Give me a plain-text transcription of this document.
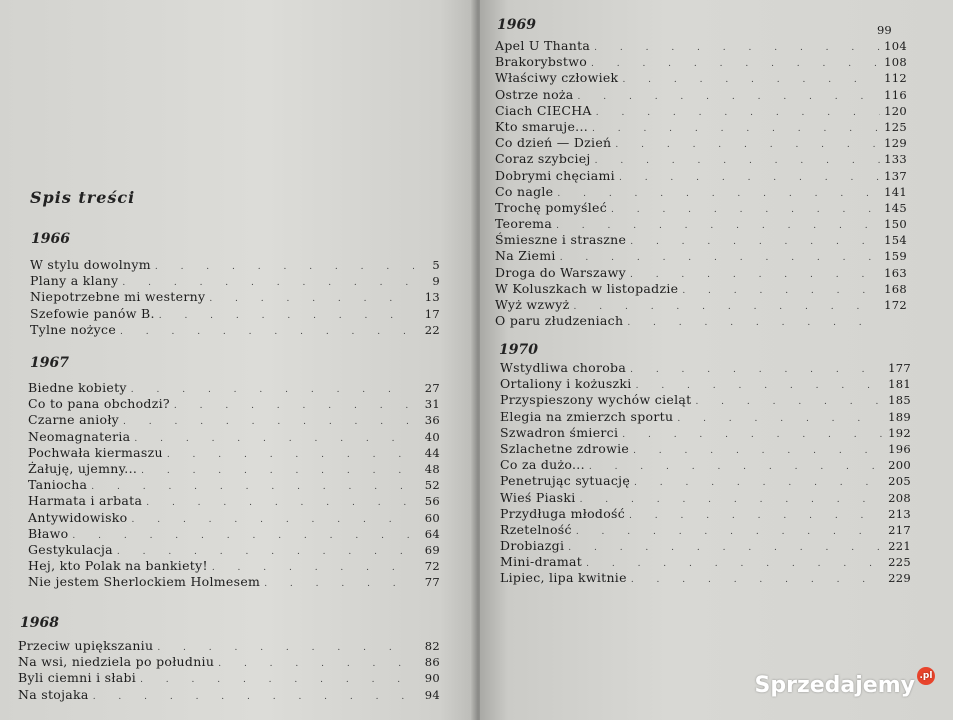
Spis treści
1966
W stylu dowolnym . . .	5
Plany a klany . . .	9
Niepotrzebne mi westerny . . .	13
Szefowie panów B. . . .	17
Tylne nożyce . . .	22
1967
Biedne kobiety . . .	27
Co to pana obchodzi? . . .	31
Czarne anioły . . .	36
Neomagnateria . . .	40
Pochwała kiermaszu . . .	44
Żałuję, ujemny... . . .	48
Taniocha . . .	52
Harmata i arbata . . .	56
Antywidowisko . . .	60
Bławo . . .	64
Gestykulacja . . .	69
Hej, kto Polak na bankiety! . . .	72
Nie jestem Sherlockiem Holmesem . . .	77
1968
Przeciw upiększaniu . . .	82
Na wsi, niedziela po południu . . .	86
Byli ciemni i słabi . . .	90
Na stojaka . . .	94
1969	99
Apel U Thanta . . .	104
Brakorybstwo . . .	108
Właściwy człowiek . . .	112
Ostrze noża . . .	116
Ciach CIECHA . . .	120
Kto smaruje... . . .	125
Co dzień — Dzień . . .	129
Coraz szybciej . . .	133
Dobrymi chęciami . . .	137
Co nagle . . .	141
Trochę pomyśleć . . .	145
Teorema . . .	150
Śmieszne i straszne . . .	154
Na Ziemi . . .	159
Droga do Warszawy . . .	163
W Koluszkach w listopadzie . . .	168
Wyż wzwyż . . .	172
O paru złudzeniach
. . .
1970
Wstydliwa choroba . . .	177
Ortaliony i kożuszki . . .	181
Przyspieszony wychów cieląt . . .	185
Elegia na zmierzch sportu . . .	189
Szwadron śmierci . . .	192
Szlachetne zdrowie . . .	196
Co za dużo... . . .	200
Penetrując sytuację . . .	205
Wieś Piaski . . .	208
Przydługa młodość . . .	213
Rzetelność . . .	217
Drobiazgi . . .	221
Mini-dramat . . .	225
Lipiec, lipa kwitnie . . .	229
Sprzedajemy .pl
